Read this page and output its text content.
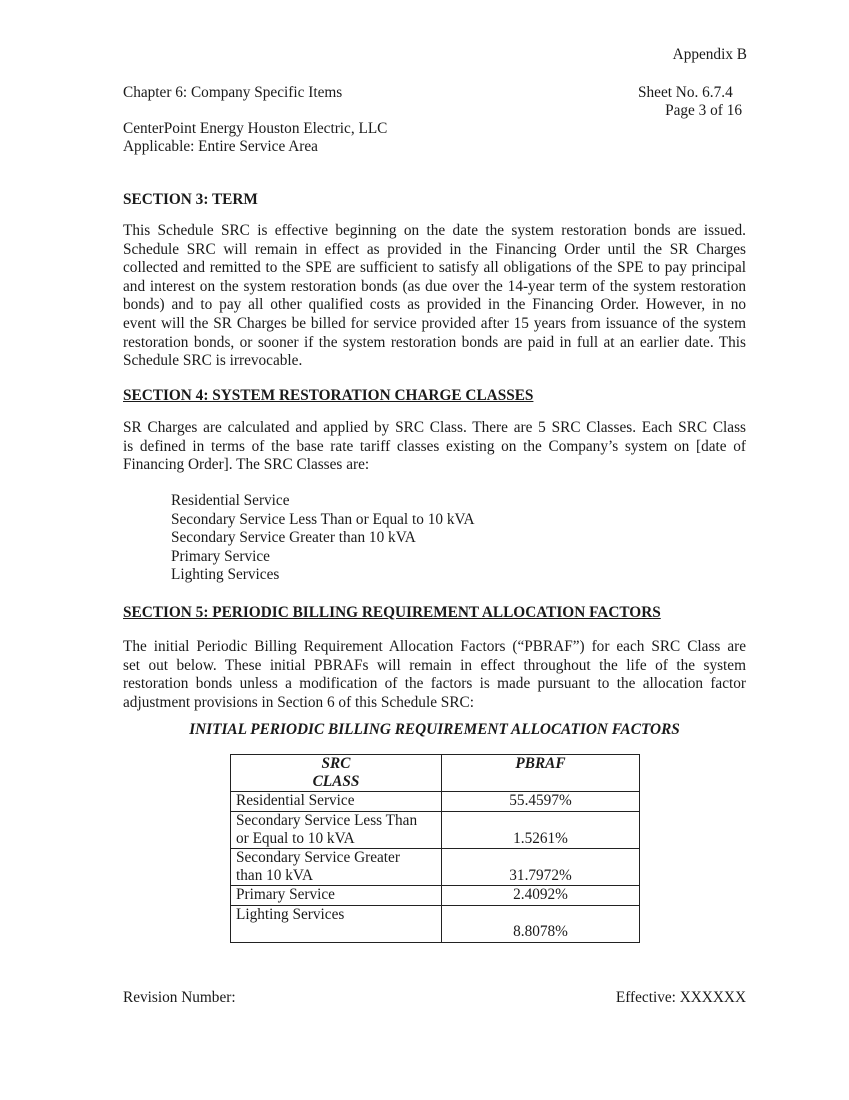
Appendix B
Chapter 6: Company Specific Items	Sheet No. 6.7.4
Page 3 of 16
CenterPoint Energy Houston Electric, LLC
Applicable: Entire Service Area
SECTION 3: TERM
This Schedule SRC is effective beginning on the date the system restoration bonds are issued.
Schedule SRC will remain in effect as provided in the Financing Order until the SR Charges
collected and remitted to the SPE are sufficient to satisfy all obligations of the SPE to pay principal
and interest on the system restoration bonds (as due over the 14-year term of the system restoration
bonds) and to pay all other qualified costs as provided in the Financing Order. However, in no
event will the SR Charges be billed for service provided after 15 years from issuance of the system
restoration bonds, or sooner if the system restoration bonds are paid in full at an earlier date. This
Schedule SRC is irrevocable.
SECTION 4: SYSTEM RESTORATION CHARGE CLASSES
SR Charges are calculated and applied by SRC Class. There are 5 SRC Classes. Each SRC Class
is defined in terms of the base rate tariff classes existing on the Company’s system on [date of
Financing Order]. The SRC Classes are:
Residential Service
Secondary Service Less Than or Equal to 10 kVA
Secondary Service Greater than 10 kVA
Primary Service
Lighting Services
SECTION 5: PERIODIC BILLING REQUIREMENT ALLOCATION FACTORS
The initial Periodic Billing Requirement Allocation Factors (“PBRAF”) for each SRC Class are
set out below. These initial PBRAFs will remain in effect throughout the life of the system
restoration bonds unless a modification of the factors is made pursuant to the allocation factor
adjustment provisions in Section 6 of this Schedule SRC:
INITIAL PERIODIC BILLING REQUIREMENT ALLOCATION FACTORS
SRC
CLASS	PBRAF

Residential Service	55.4597%

Secondary Service Less Than
or Equal to 10 kVA	1.5261%

Secondary Service Greater
than 10 kVA	31.7972%

Primary Service	2.4092%

Lighting Services	8.8078%
Revision Number:	Effective: XXXXXX
